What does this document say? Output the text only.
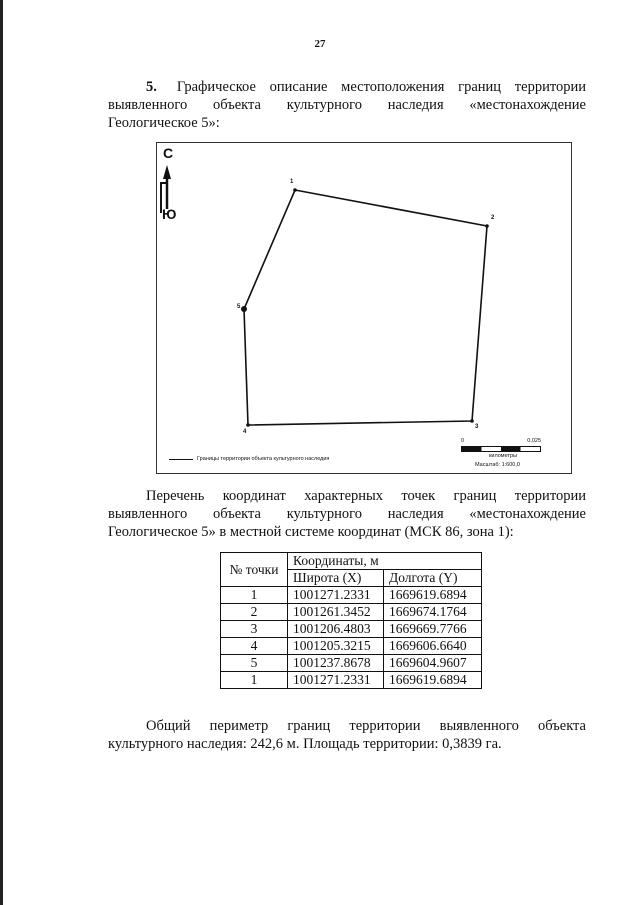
27
5. Графическое описание местоположения границ территории выявленного объекта культурного наследия «местонахождение Геологическое 5»:
С
Ю
1
2
3
4
5
Границы территории объекта культурного наследия
0	0,025
километры
Масштаб: 1:600,0
Перечень координат характерных точек границ территории выявленного объекта культурного наследия «местонахождение Геологическое 5» в местной системе координат (МСК 86, зона 1):
№ точки	Координаты, м	
	Широта (X)	Долгота (Y)
1	1001271.2331	1669619.6894
2	1001261.3452	1669674.1764
3	1001206.4803	1669669.7766
4	1001205.3215	1669606.6640
5	1001237.8678	1669604.9607
1	1001271.2331	1669619.6894
Общий периметр границ территории выявленного объекта культурного наследия: 242,6 м. Площадь территории: 0,3839 га.
